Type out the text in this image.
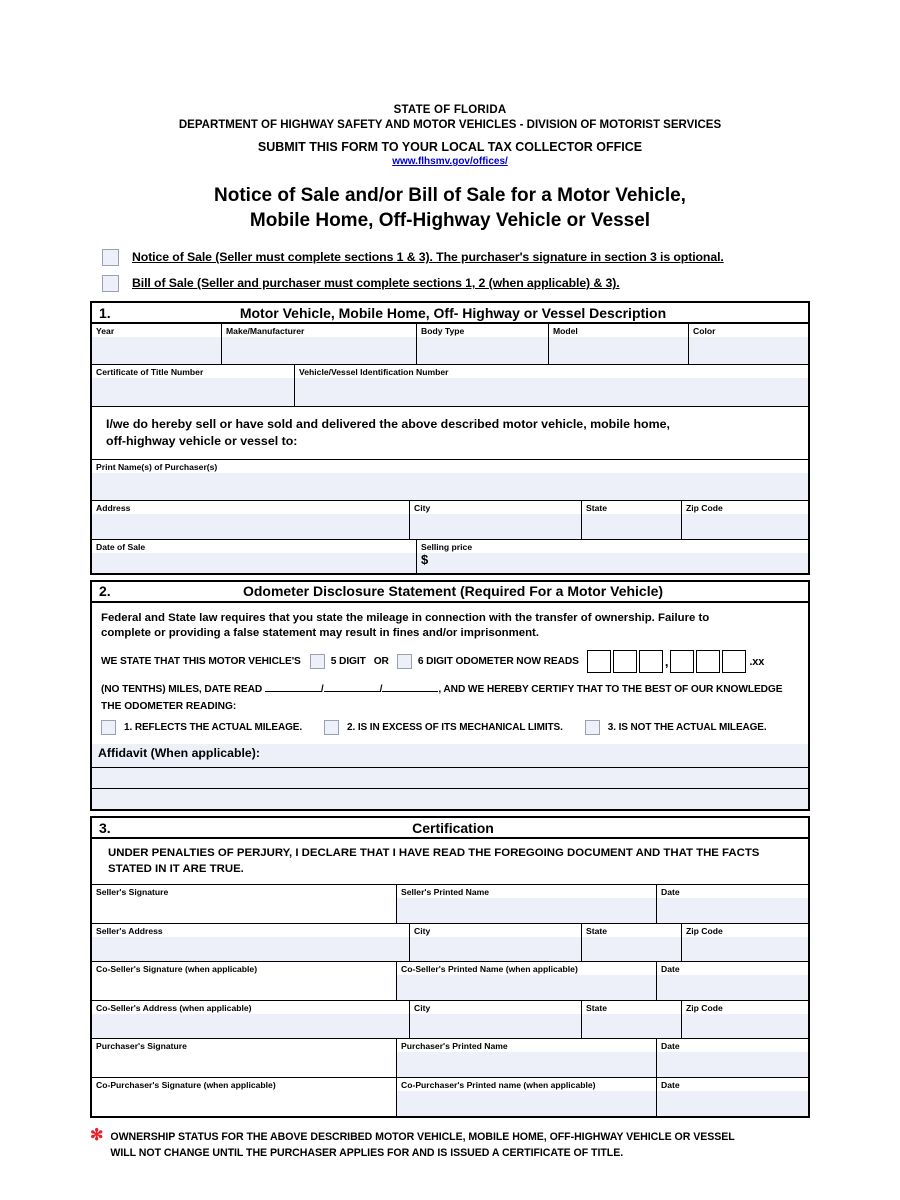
STATE OF FLORIDA
DEPARTMENT OF HIGHWAY SAFETY AND MOTOR VEHICLES - DIVISION OF MOTORIST SERVICES
SUBMIT THIS FORM TO YOUR LOCAL TAX COLLECTOR OFFICE
www.flhsmv.gov/offices/
Notice of Sale and/or Bill of Sale for a Motor Vehicle,
Mobile Home, Off-Highway Vehicle or Vessel
Notice of Sale (Seller must complete sections 1 & 3). The purchaser's signature in section 3 is optional.
Bill of Sale (Seller and purchaser must complete sections 1, 2 (when applicable) & 3).
1.	Motor Vehicle, Mobile Home, Off- Highway or Vessel Description
Year	Make/Manufacturer	Body Type	Model	Color
Certificate of Title Number	Vehicle/Vessel Identification Number
I/we do hereby sell or have sold and delivered the above described motor vehicle, mobile home,
off-highway vehicle or vessel to:
Print Name(s) of Purchaser(s)
Address	City	State	Zip Code
Date of Sale	Selling price
$
2.	Odometer Disclosure Statement (Required For a Motor Vehicle)
Federal and State law requires that you state the mileage in connection with the transfer of ownership. Failure to
complete or providing a false statement may result in fines and/or imprisonment.
WE STATE THAT THIS MOTOR VEHICLE'S	5 DIGIT OR	6 DIGIT ODOMETER NOW READS	,	.xx
(NO TENTHS) MILES, DATE READ	/	/	, AND WE HEREBY CERTIFY THAT TO THE BEST OF OUR KNOWLEDGE
THE ODOMETER READING:
1. REFLECTS THE ACTUAL MILEAGE.	2. IS IN EXCESS OF ITS MECHANICAL LIMITS.	3. IS NOT THE ACTUAL MILEAGE.
Affidavit (When applicable):
3.	Certification
UNDER PENALTIES OF PERJURY, I DECLARE THAT I HAVE READ THE FOREGOING DOCUMENT AND THAT THE FACTS
STATED IN IT ARE TRUE.
Seller's Signature	Seller's Printed Name	Date
Seller's Address	City	State	Zip Code
Co-Seller's Signature (when applicable)	Co-Seller's Printed Name (when applicable)	Date
Co-Seller's Address (when applicable)	City	State	Zip Code
Purchaser's Signature	Purchaser's Printed Name	Date
Co-Purchaser's Signature (when applicable)	Co-Purchaser's Printed name (when applicable)	Date
✻ OWNERSHIP STATUS FOR THE ABOVE DESCRIBED MOTOR VEHICLE, MOBILE HOME, OFF-HIGHWAY VEHICLE OR VESSEL
WILL NOT CHANGE UNTIL THE PURCHASER APPLIES FOR AND IS ISSUED A CERTIFICATE OF TITLE.
